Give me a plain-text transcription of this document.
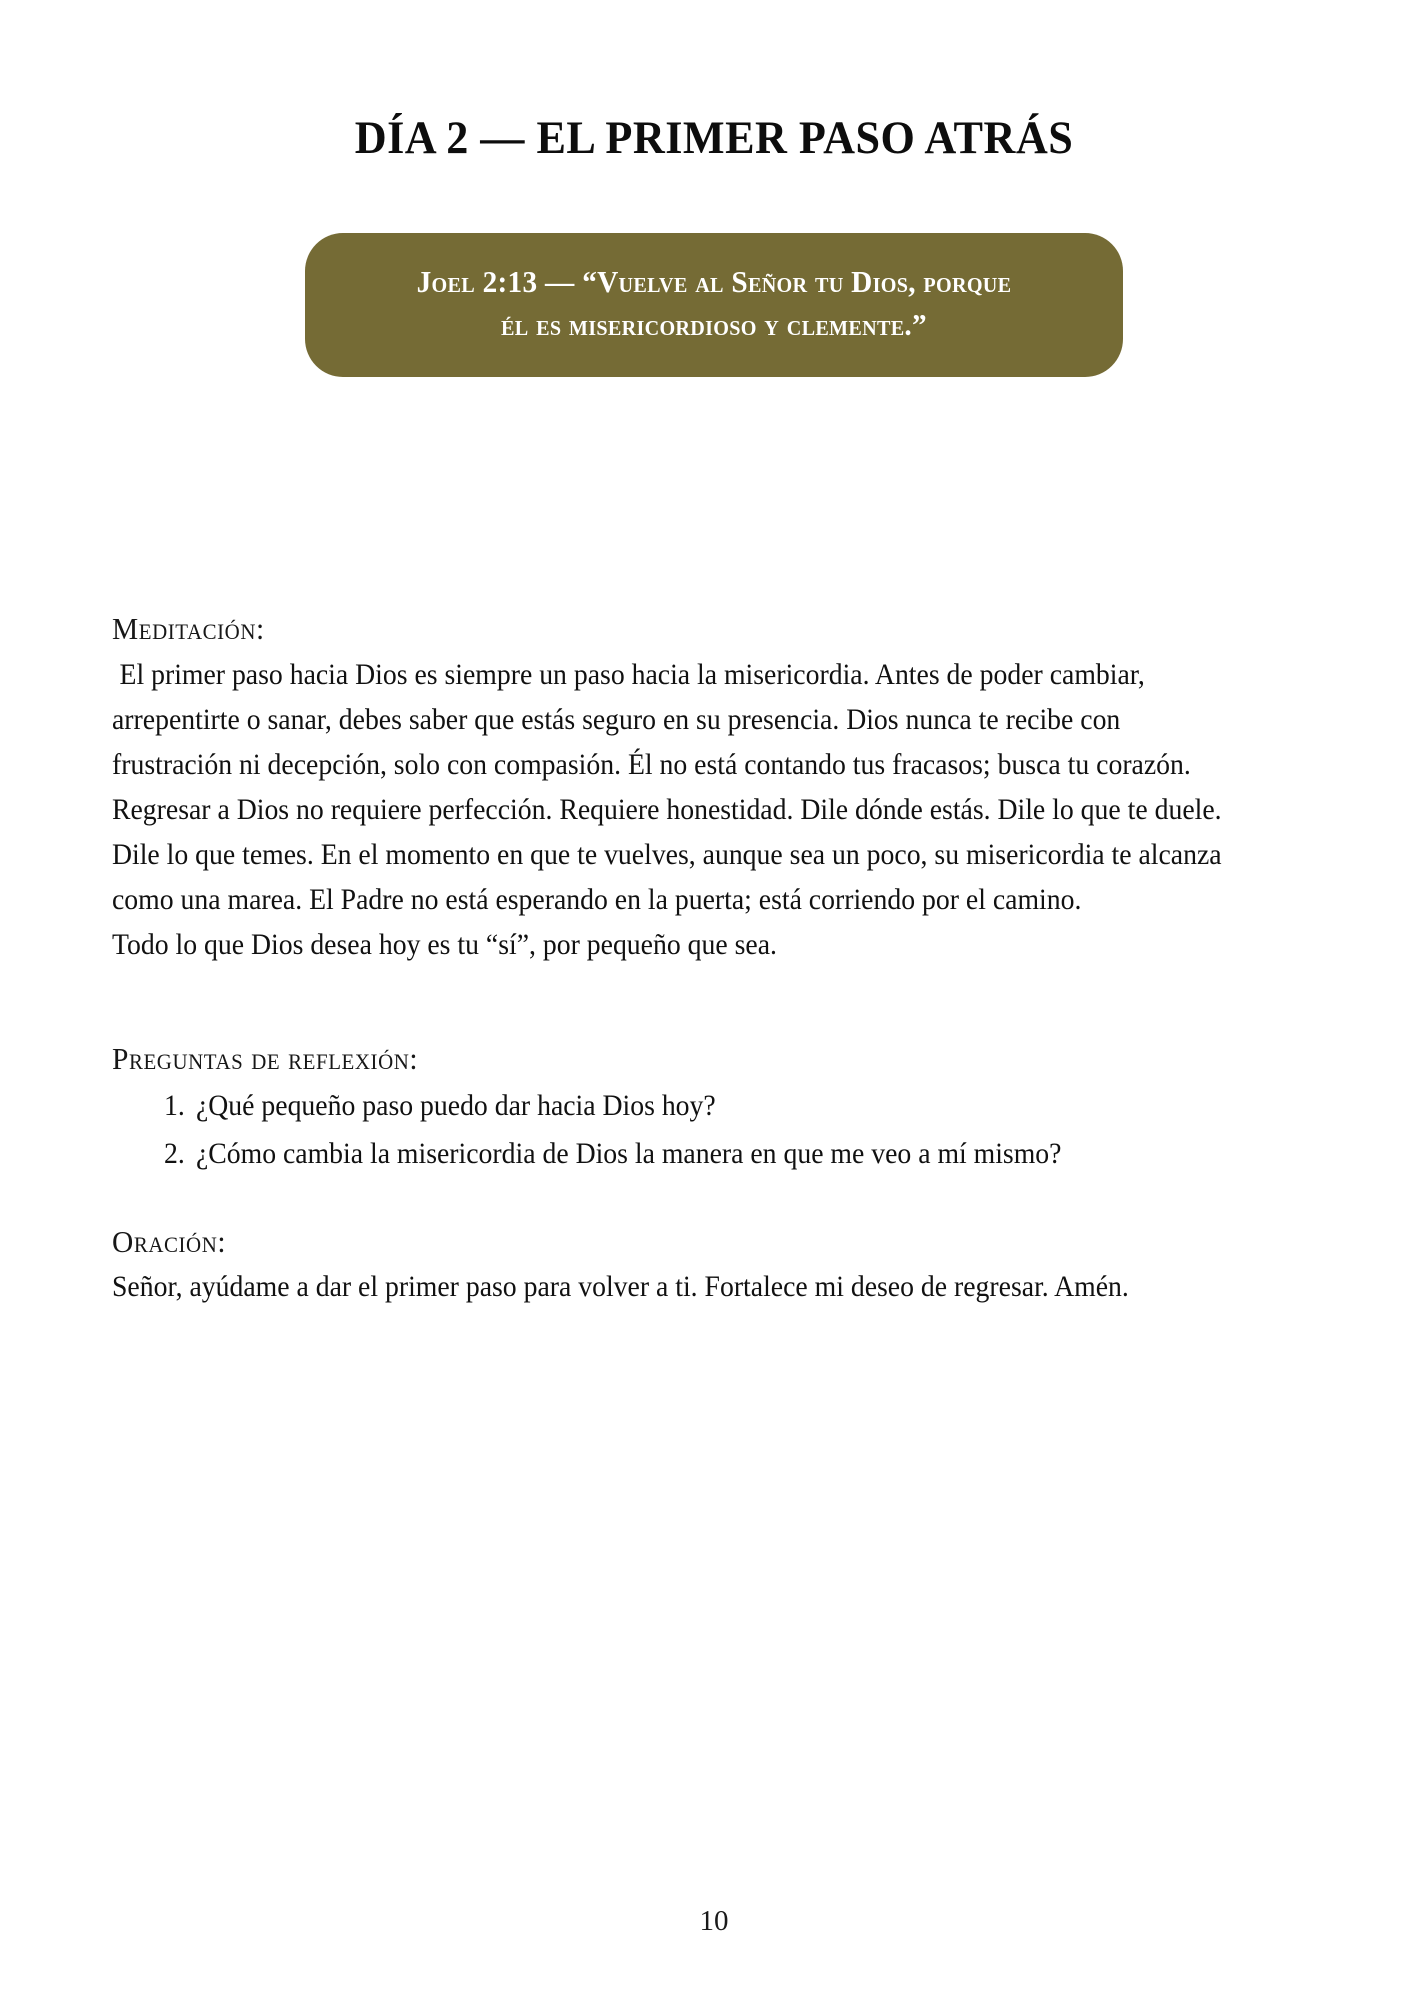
DÍA 2 — EL PRIMER PASO ATRÁS
Joel 2:13 — “Vuelve al Señor tu Dios, porque
él es misericordioso y clemente.”
Meditación:

El primer paso hacia Dios es siempre un paso hacia la misericordia. Antes de poder cambiar, arrepentirte o sanar, debes saber que estás seguro en su presencia. Dios nunca te recibe con frustración ni decepción, solo con compasión. Él no está contando tus fracasos; busca tu corazón.

Regresar a Dios no requiere perfección. Requiere honestidad. Dile dónde estás. Dile lo que te duele. Dile lo que temes. En el momento en que te vuelves, aunque sea un poco, su misericordia te alcanza como una marea. El Padre no está esperando en la puerta; está corriendo por el camino.

Todo lo que Dios desea hoy es tu “sí”, por pequeño que sea.

Preguntas de reflexión:
¿Qué pequeño paso puedo dar hacia Dios hoy?
¿Cómo cambia la misericordia de Dios la manera en que me veo a mí mismo?
Oración:

Señor, ayúdame a dar el primer paso para volver a ti. Fortalece mi deseo de regresar. Amén.

10
